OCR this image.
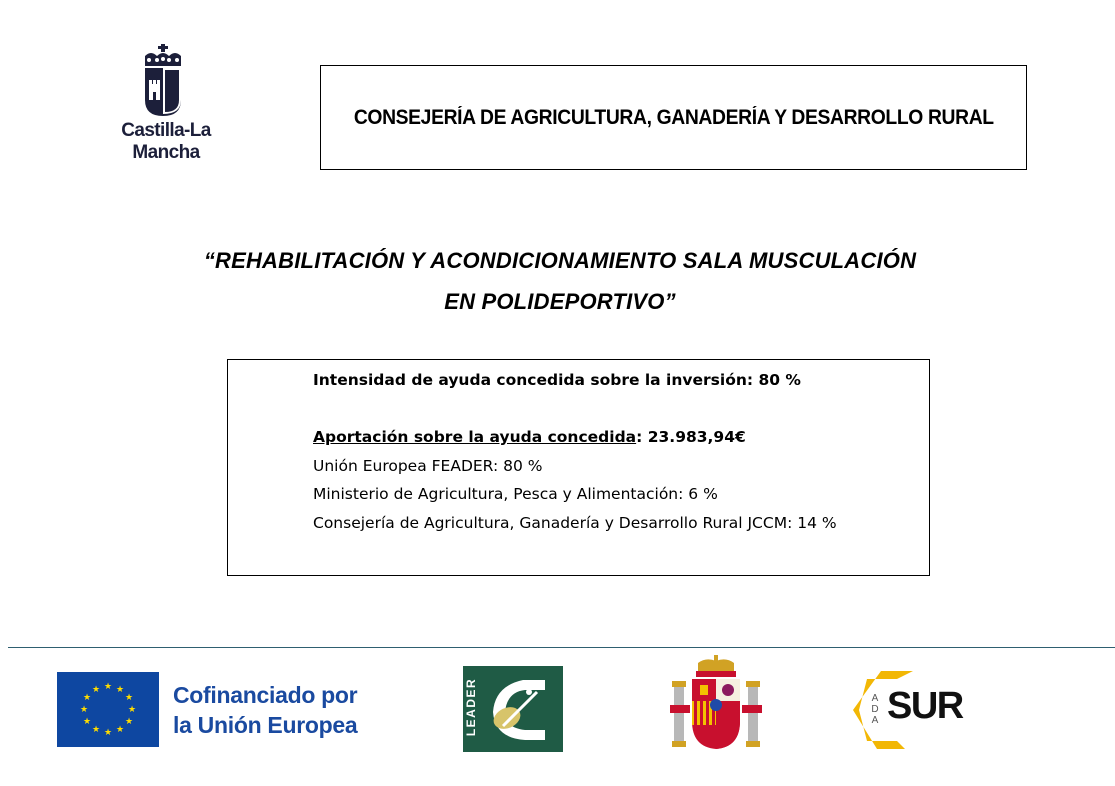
Castilla-La Mancha
CONSEJERÍA DE AGRICULTURA, GANADERÍA Y DESARROLLO RURAL
“REHABILITACIÓN Y ACONDICIONAMIENTO SALA MUSCULACIÓN
EN POLIDEPORTIVO”
Intensidad de ayuda concedida sobre la inversión: 80 %
Aportación sobre la ayuda concedida: 23.983,94€
Unión Europea FEADER: 80 %
Ministerio de Agricultura, Pesca y Alimentación: 6 %
Consejería de Agricultura, Ganadería y Desarrollo Rural JCCM: 14 %
★ ★
★
★
★
★
★
★
★
★
★
★	Cofinanciado por
la Unión Europea	LEADER	A
D
A SUR
